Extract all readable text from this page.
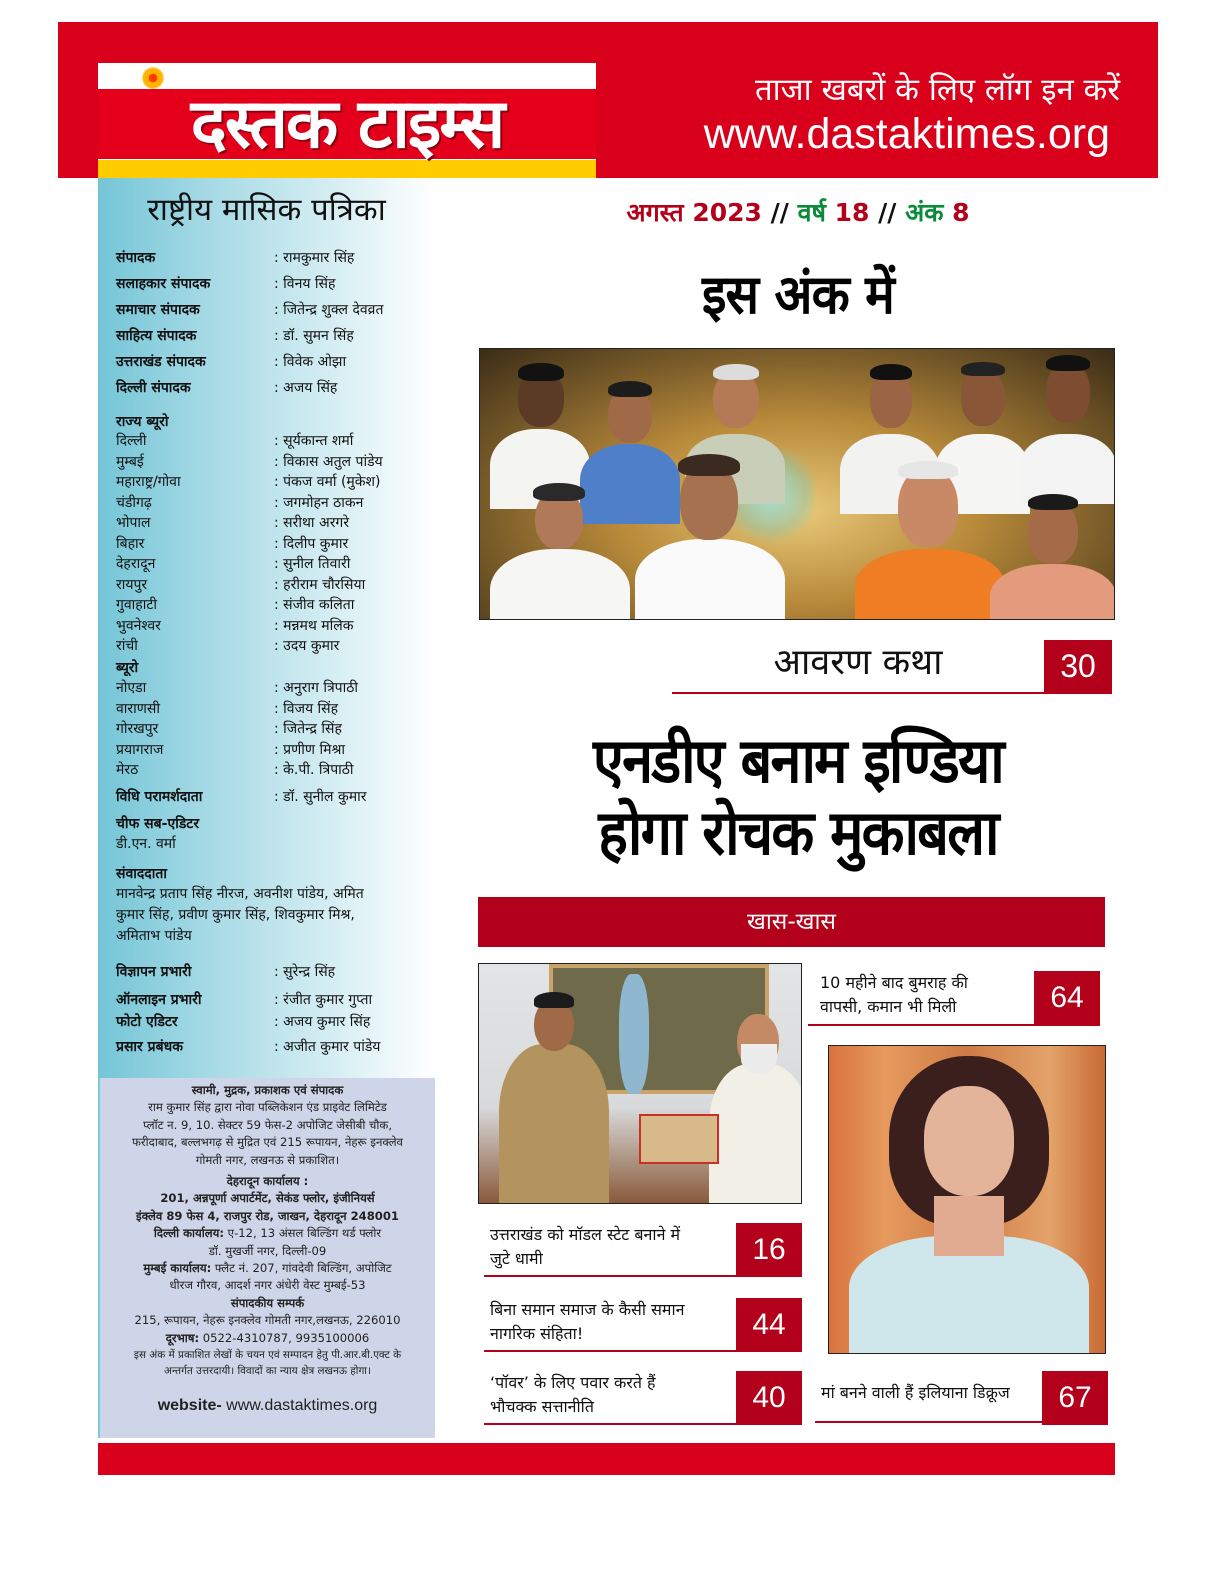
दस्तक टाइम्स	ताजा खबरों के लिए लॉग इन करें
www.dastaktimes.org
राष्ट्रीय मासिक पत्रिका
संपादक	: रामकुमार सिंह
सलाहकार संपादक	: विनय सिंह
समाचार संपादक	: जितेन्द्र शुक्ल देवव्रत
साहित्य संपादक	: डॉ. सुमन सिंह
उत्तराखंड संपादक	: विवेक ओझा
दिल्ली संपादक	: अजय सिंह
राज्य ब्यूरो
दिल्ली	: सूर्यकान्त शर्मा
मुम्बई	: विकास अतुल पांडेय
महाराष्ट्र/गोवा	: पंकज वर्मा (मुकेश)
चंडीगढ़	: जगमोहन ठाकन
भोपाल	: सरीथा अरगरे
बिहार	: दिलीप कुमार
देहरादून	: सुनील तिवारी
रायपुर	: हरीराम चौरसिया
गुवाहाटी	: संजीव कलिता
भुवनेश्वर	: मन्नमथ मलिक
रांची	: उदय कुमार
ब्यूरो
नोएडा	: अनुराग त्रिपाठी
वाराणसी	: विजय सिंह
गोरखपुर	: जितेन्द्र सिंह
प्रयागराज	: प्रणीण मिश्रा
मेरठ	: के.पी. त्रिपाठी
विधि परामर्शदाता	: डॉ. सुनील कुमार
चीफ सब-एडिटर
डी.एन. वर्मा
संवाददाता
मानवेन्द्र प्रताप सिंह नीरज, अवनीश पांडेय, अमित
कुमार सिंह, प्रवीण कुमार सिंह, शिवकुमार मिश्र,
अमिताभ पांडेय
विज्ञापन प्रभारी	: सुरेन्द्र सिंह
ऑनलाइन प्रभारी	: रंजीत कुमार गुप्ता
फोटो एडिटर	: अजय कुमार सिंह
प्रसार प्रबंधक	: अजीत कुमार पांडेय
स्वामी, मुद्रक, प्रकाशक एवं संपादक
राम कुमार सिंह द्वारा नोवा पब्लिकेशन एंड प्राइवेट लिमिटेड
प्लॉट न. 9, 10. सेक्टर 59 फेस-2 अपोजिट जेसीबी चौक,
फरीदाबाद, बल्लभगढ़ से मुद्रित एवं 215 रूपायन, नेहरू इनक्लेव
गोमती नगर, लखनऊ से प्रकाशित।
देहरादून कार्यालय :
201, अन्नपूर्णा अपार्टमेंट, सेकंड फ्लोर, इंजीनियर्स
इंक्लेव 89 फेस 4, राजपुर रोड, जाखन, देहरादून 248001
दिल्ली कार्यालय: ए-12, 13 अंसल बिल्डिंग थर्ड फ्लोर
डॉ. मुखर्जी नगर, दिल्ली-09
मुम्बई कार्यालय: फ्लैट नं. 207, गांवदेवी बिल्डिंग, अपोजिट
धीरज गौरव, आदर्श नगर अंधेरी वेस्ट मुम्बई-53
संपादकीय सम्पर्क
215, रूपायन, नेहरू इनक्लेव गोमती नगर,लखनऊ, 226010
दूरभाष: 0522-4310787, 9935100006
इस अंक में प्रकाशित लेखों के चयन एवं सम्पादन हेतु पी.आर.बी.एक्ट के
अन्तर्गत उत्तरदायी। विवादों का न्याय क्षेत्र लखनऊ होगा।
website- www.dastaktimes.org
अगस्त 2023 // वर्ष 18 // अंक 8
इस अंक में
आवरण कथा	30
एनडीए बनाम इण्डिया
होगा रोचक मुकाबला
खास-खास
10 महीने बाद बुमराह की
वापसी, कमान भी मिली	64
उत्तराखंड को मॉडल स्टेट बनाने में
जुटे धामी	16
बिना समान समाज के कैसी समान
नागरिक संहिता!	44
‘पॉवर’ के लिए पवार करते हैं
भौचक्क सत्तानीति	40	मां बनने वाली हैं इलियाना डिक्रूज	67
